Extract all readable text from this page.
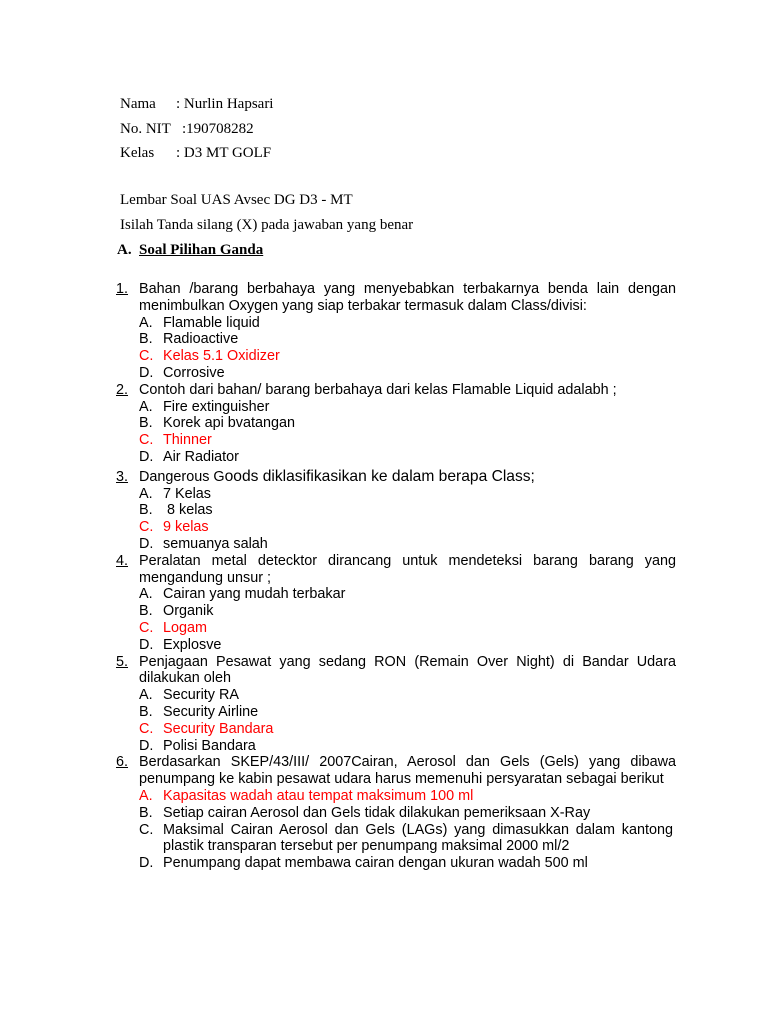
Nama : Nurlin Hapsari
No. NIT :190708282
Kelas : D3 MT GOLF
Lembar Soal UAS Avsec DG D3 - MT
Isilah Tanda silang (X) pada jawaban yang benar
A. Soal Pilihan Ganda
1. Bahan /barang berbahaya yang menyebabkan terbakarnya benda lain dengan menimbulkan Oxygen yang siap terbakar termasuk dalam Class/divisi:
A. Flamable liquid
B. Radioactive
C. Kelas 5.1 Oxidizer
D. Corrosive
2. Contoh dari bahan/ barang berbahaya dari kelas Flamable Liquid adalabh ;
A. Fire extinguisher
B. Korek api bvatangan
C. Thinner
D. Air Radiator
3. Dangerous Goods diklasifikasikan ke dalam berapa Class;
A. 7 Kelas
B. 8 kelas
C. 9 kelas
D. semuanya salah
4. Peralatan metal detecktor dirancang untuk mendeteksi barang barang yang mengandung unsur ;
A. Cairan yang mudah terbakar
B. Organik
C. Logam
D. Explosve
5. Penjagaan Pesawat yang sedang RON (Remain Over Night) di Bandar Udara dilakukan oleh
A. Security RA
B. Security Airline
C. Security Bandara
D. Polisi Bandara
6. Berdasarkan SKEP/43/III/ 2007Cairan, Aerosol dan Gels (Gels) yang dibawa penumpang ke kabin pesawat udara harus memenuhi persyaratan sebagai berikut
A. Kapasitas wadah atau tempat maksimum 100 ml
B. Setiap cairan Aerosol dan Gels tidak dilakukan pemeriksaan X-Ray
C. Maksimal Cairan Aerosol dan Gels (LAGs) yang dimasukkan dalam kantong plastik transparan tersebut per penumpang maksimal 2000 ml/2
D. Penumpang dapat membawa cairan dengan ukuran wadah 500 ml
